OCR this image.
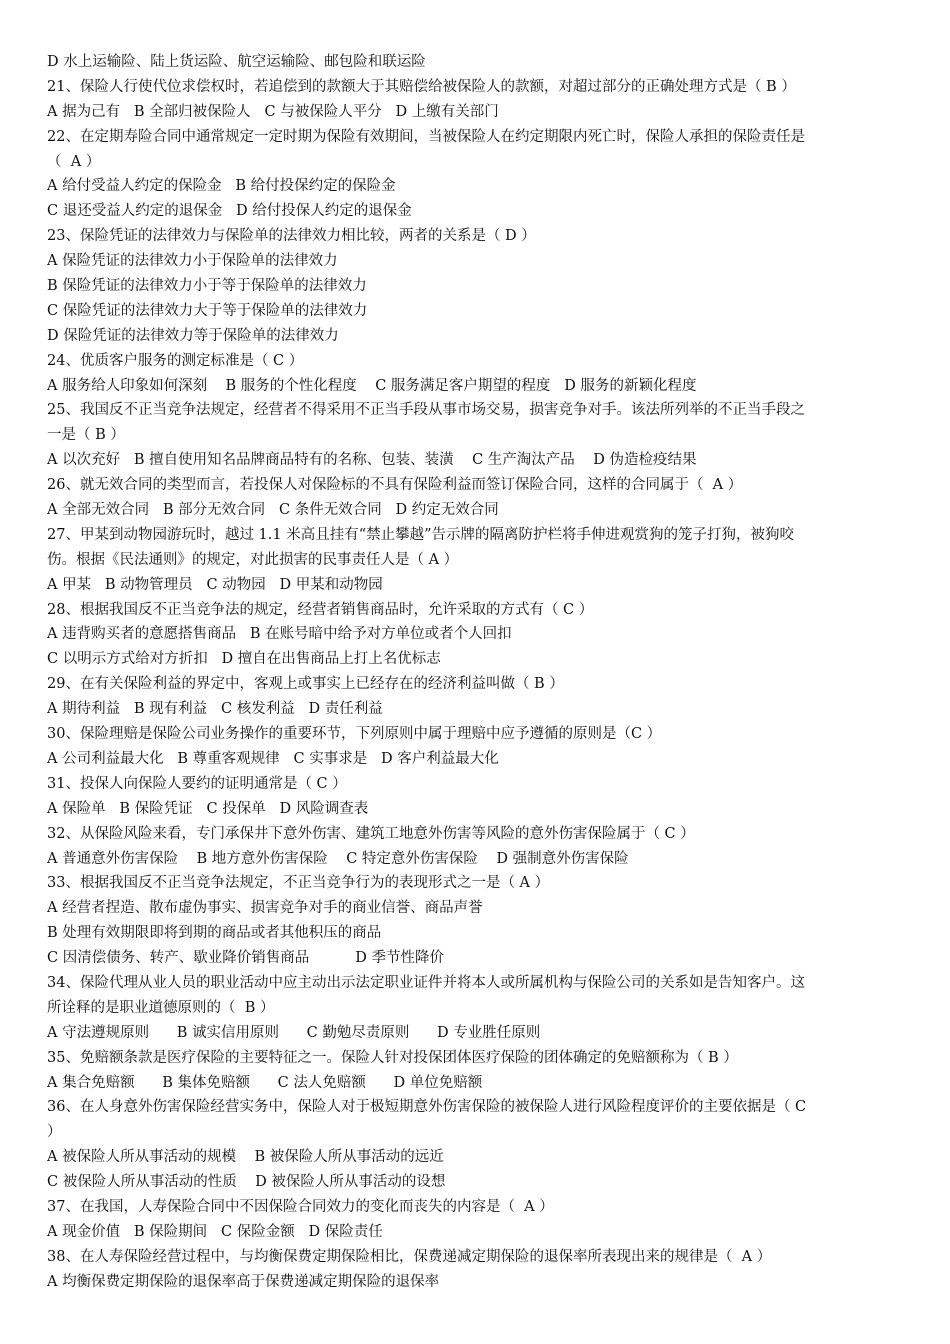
D 水上运输险、陆上货运险、航空运输险、邮包险和联运险
21、保险人行使代位求偿权时，若追偿到的款额大于其赔偿给被保险人的款额，对超过部分的正确处理方式是（ B ）
A 据为己有   B 全部归被保险人   C 与被保险人平分   D 上缴有关部门
22、在定期寿险合同中通常规定一定时期为保险有效期间，当被保险人在约定期限内死亡时，保险人承担的保险责任是
（  A ）
A 给付受益人约定的保险金   B 给付投保约定的保险金
C 退还受益人约定的退保金   D 给付投保人约定的退保金
23、保险凭证的法律效力与保险单的法律效力相比较，两者的关系是（ D ）
A 保险凭证的法律效力小于保险单的法律效力
B 保险凭证的法律效力小于等于保险单的法律效力
C 保险凭证的法律效力大于等于保险单的法律效力
D 保险凭证的法律效力等于保险单的法律效力
24、优质客户服务的测定标准是（ C ）
A 服务给人印象如何深刻    B 服务的个性化程度    C 服务满足客户期望的程度   D 服务的新颖化程度
25、我国反不正当竞争法规定，经营者不得采用不正当手段从事市场交易，损害竞争对手。该法所列举的不正当手段之
一是（ B ）
A 以次充好   B 擅自使用知名品牌商品特有的名称、包装、装潢    C 生产淘汰产品    D 伪造检疫结果
26、就无效合同的类型而言，若投保人对保险标的不具有保险利益而签订保险合同，这样的合同属于（  A ）
A 全部无效合同   B 部分无效合同   C 条件无效合同   D 约定无效合同
27、甲某到动物园游玩时，越过 1.1 米高且挂有“禁止攀越”告示牌的隔离防护栏将手伸进观赏狗的笼子打狗，被狗咬
伤。根据《民法通则》的规定，对此损害的民事责任人是（ A ）
A 甲某   B 动物管理员   C 动物园   D 甲某和动物园
28、根据我国反不正当竞争法的规定，经营者销售商品时，允许采取的方式有（ C ）
A 违背购买者的意愿搭售商品   B 在账号暗中给予对方单位或者个人回扣
C 以明示方式给对方折扣   D 擅自在出售商品上打上名优标志
29、在有关保险利益的界定中，客观上或事实上已经存在的经济利益叫做（ B ）
A 期待利益   B 现有利益   C 核发利益   D 责任利益
30、保险理赔是保险公司业务操作的重要环节，下列原则中属于理赔中应予遵循的原则是（C ）
A 公司利益最大化   B 尊重客观规律   C 实事求是   D 客户利益最大化
31、投保人向保险人要约的证明通常是（ C ）
A 保险单   B 保险凭证   C 投保单   D 风险调查表
32、从保险风险来看，专门承保井下意外伤害、建筑工地意外伤害等风险的意外伤害保险属于（ C ）
A 普通意外伤害保险    B 地方意外伤害保险    C 特定意外伤害保险    D 强制意外伤害保险
33、根据我国反不正当竞争法规定，不正当竞争行为的表现形式之一是（ A ）
A 经营者捏造、散布虚伪事实、损害竞争对手的商业信誉、商品声誉
B 处理有效期限即将到期的商品或者其他积压的商品
C 因清偿债务、转产、歇业降价销售商品          D 季节性降价
34、保险代理从业人员的职业活动中应主动出示法定职业证件并将本人或所属机构与保险公司的关系如是告知客户。这
所诠释的是职业道德原则的（  B ）
A 守法遵规原则      B 诚实信用原则      C 勤勉尽责原则      D 专业胜任原则
35、免赔额条款是医疗保险的主要特征之一。保险人针对投保团体医疗保险的团体确定的免赔额称为（ B ）
A 集合免赔额      B 集体免赔额      C 法人免赔额      D 单位免赔额
36、在人身意外伤害保险经营实务中，保险人对于极短期意外伤害保险的被保险人进行风险程度评价的主要依据是（ C
）
A 被保险人所从事活动的规模    B 被保险人所从事活动的远近
C 被保险人所从事活动的性质    D 被保险人所从事活动的设想
37、在我国，人寿保险合同中不因保险合同效力的变化而丧失的内容是（  A ）
A 现金价值   B 保险期间   C 保险金额   D 保险责任
38、在人寿保险经营过程中，与均衡保费定期保险相比，保费递减定期保险的退保率所表现出来的规律是（  A ）
A 均衡保费定期保险的退保率高于保费递减定期保险的退保率
